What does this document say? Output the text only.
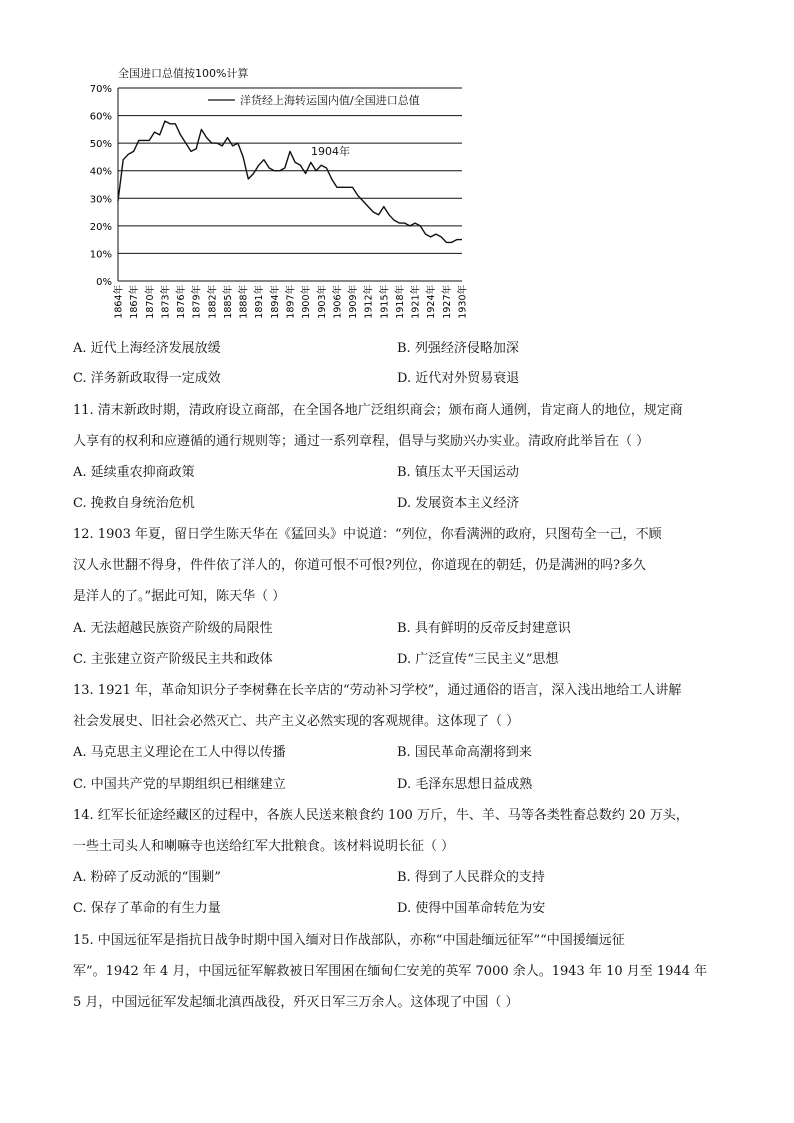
全国进口总值按100%计算
0%
10%
20%
30%
40%
50%
60%
70%
1864年 1867年 1870年 1873年 1876年 1879年 1882年 1885年 1888年 1891年 1894年 1897年 1900年 1903年 1906年 1909年 1912年 1915年 1918年 1921年 1924年 1927年 1930年
洋货经上海转运国内值/全国进口总值
1904年
A. 近代上海经济发展放缓	B. 列强经济侵略加深
C. 洋务新政取得一定成效	D. 近代对外贸易衰退
11. 清末新政时期，清政府设立商部，在全国各地广泛组织商会；颁布商人通例，肯定商人的地位，规定商
人享有的权利和应遵循的通行规则等；通过一系列章程，倡导与奖励兴办实业。清政府此举旨在（ ）
A. 延续重农抑商政策	B. 镇压太平天国运动
C. 挽救自身统治危机	D. 发展资本主义经济
12. 1903 年夏，留日学生陈天华在《猛回头》中说道：“列位，你看满洲的政府，只图苟全一己，不顾
汉人永世翻不得身，件件依了洋人的，你道可恨不可恨?列位，你道现在的朝廷，仍是满洲的吗?多久
是洋人的了。”据此可知，陈天华（ ）
A. 无法超越民族资产阶级的局限性	B. 具有鲜明的反帝反封建意识
C. 主张建立资产阶级民主共和政体	D. 广泛宣传“三民主义”思想
13. 1921 年，革命知识分子李树彝在长辛店的“劳动补习学校”，通过通俗的语言，深入浅出地给工人讲解
社会发展史、旧社会必然灭亡、共产主义必然实现的客观规律。这体现了（ ）
A. 马克思主义理论在工人中得以传播	B. 国民革命高潮将到来
C. 中国共产党的早期组织已相继建立	D. 毛泽东思想日益成熟
14. 红军长征途经藏区的过程中，各族人民送来粮食约 100 万斤，牛、羊、马等各类牲畜总数约 20 万头，
一些土司头人和喇嘛寺也送给红军大批粮食。该材料说明长征（ ）
A. 粉碎了反动派的“围剿”	B. 得到了人民群众的支持
C. 保存了革命的有生力量	D. 使得中国革命转危为安
15. 中国远征军是指抗日战争时期中国入缅对日作战部队，亦称“中国赴缅远征军”“中国援缅远征
军”。1942 年 4 月，中国远征军解救被日军围困在缅甸仁安羌的英军 7000 余人。1943 年 10 月至 1944 年
5 月，中国远征军发起缅北滇西战役，歼灭日军三万余人。这体现了中国（ ）
